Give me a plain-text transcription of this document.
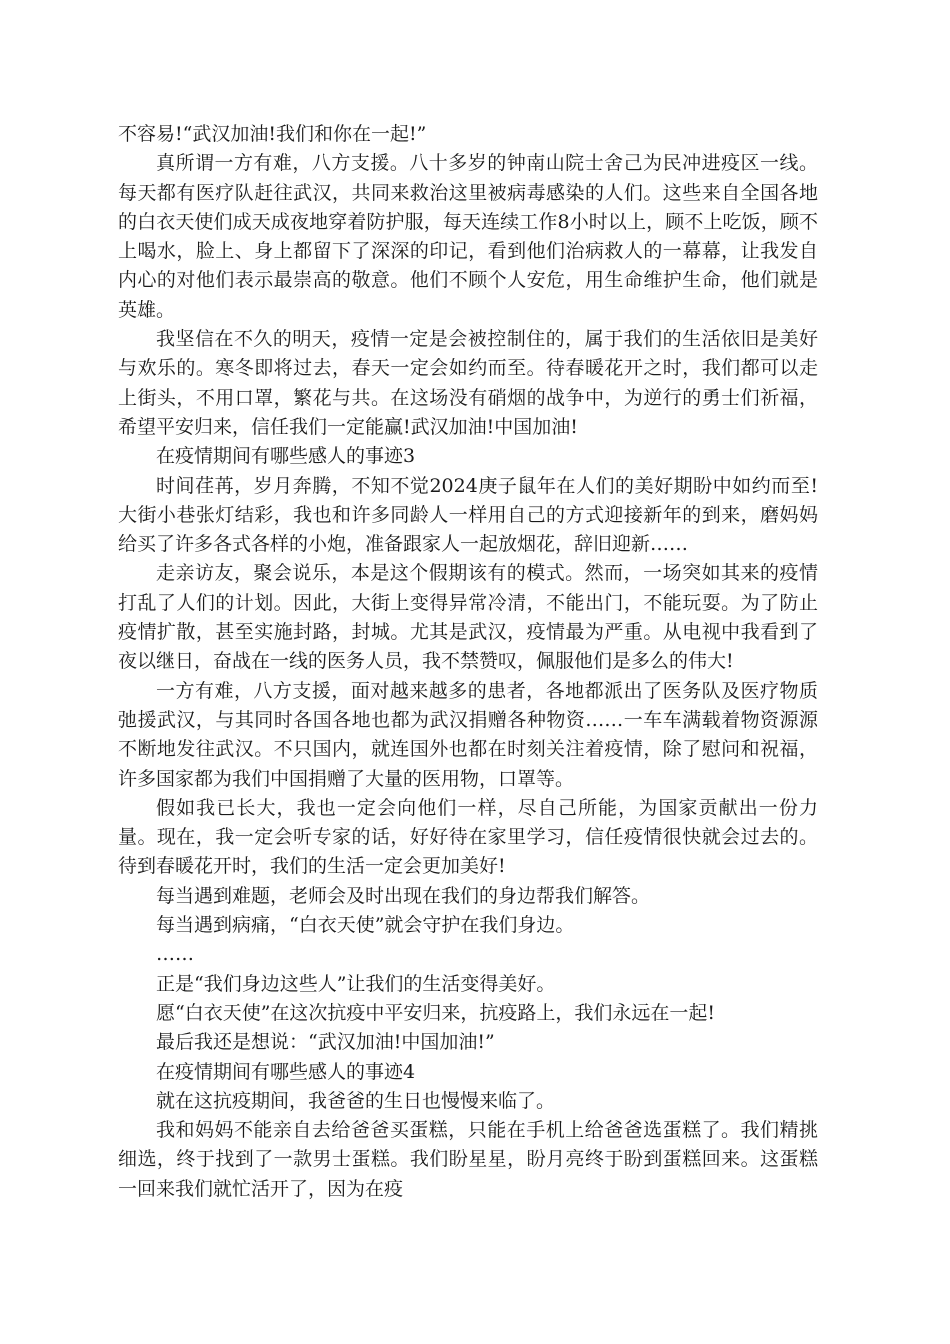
不容易!“武汉加油!我们和你在一起!”

真所谓一方有难，八方支援。八十多岁的钟南山院士舍己为民冲进疫区一线。每天都有医疗队赶往武汉，共同来救治这里被病毒感染的人们。这些来自全国各地的白衣天使们成天成夜地穿着防护服，每天连续工作8小时以上，顾不上吃饭，顾不上喝水，脸上、身上都留下了深深的印记，看到他们治病救人的一幕幕，让我发自内心的对他们表示最崇高的敬意。他们不顾个人安危，用生命维护生命，他们就是英雄。

我坚信在不久的明天，疫情一定是会被控制住的，属于我们的生活依旧是美好与欢乐的。寒冬即将过去，春天一定会如约而至。待春暖花开之时，我们都可以走上街头，不用口罩，繁花与共。在这场没有硝烟的战争中，为逆行的勇士们祈福，希望平安归来，信任我们一定能赢!武汉加油!中国加油!

在疫情期间有哪些感人的事迹3

时间荏苒，岁月奔腾，不知不觉2024庚子鼠年在人们的美好期盼中如约而至!大街小巷张灯结彩，我也和许多同龄人一样用自己的方式迎接新年的到来，磨妈妈给买了许多各式各样的小炮，准备跟家人一起放烟花，辞旧迎新……

走亲访友，聚会说乐，本是这个假期该有的模式。然而，一场突如其来的疫情打乱了人们的计划。因此，大街上变得异常冷清，不能出门，不能玩耍。为了防止疫情扩散，甚至实施封路，封城。尤其是武汉，疫情最为严重。从电视中我看到了夜以继日，奋战在一线的医务人员，我不禁赞叹，佩服他们是多么的伟大!

一方有难，八方支援，面对越来越多的患者，各地都派出了医务队及医疗物质弛援武汉，与其同时各国各地也都为武汉捐赠各种物资……一车车满载着物资源源不断地发往武汉。不只国内，就连国外也都在时刻关注着疫情，除了慰问和祝福，许多国家都为我们中国捐赠了大量的医用物，口罩等。

假如我已长大，我也一定会向他们一样，尽自己所能，为国家贡献出一份力量。现在，我一定会听专家的话，好好待在家里学习，信任疫情很快就会过去的。待到春暖花开时，我们的生活一定会更加美好!

每当遇到难题，老师会及时出现在我们的身边帮我们解答。

每当遇到病痛，“白衣天使”就会守护在我们身边。

……

正是“我们身边这些人”让我们的生活变得美好。

愿“白衣天使”在这次抗疫中平安归来，抗疫路上，我们永远在一起!

最后我还是想说：“武汉加油!中国加油!”

在疫情期间有哪些感人的事迹4

就在这抗疫期间，我爸爸的生日也慢慢来临了。

我和妈妈不能亲自去给爸爸买蛋糕，只能在手机上给爸爸选蛋糕了。我们精挑细选，终于找到了一款男士蛋糕。我们盼星星，盼月亮终于盼到蛋糕回来。这蛋糕一回来我们就忙活开了，因为在疫
